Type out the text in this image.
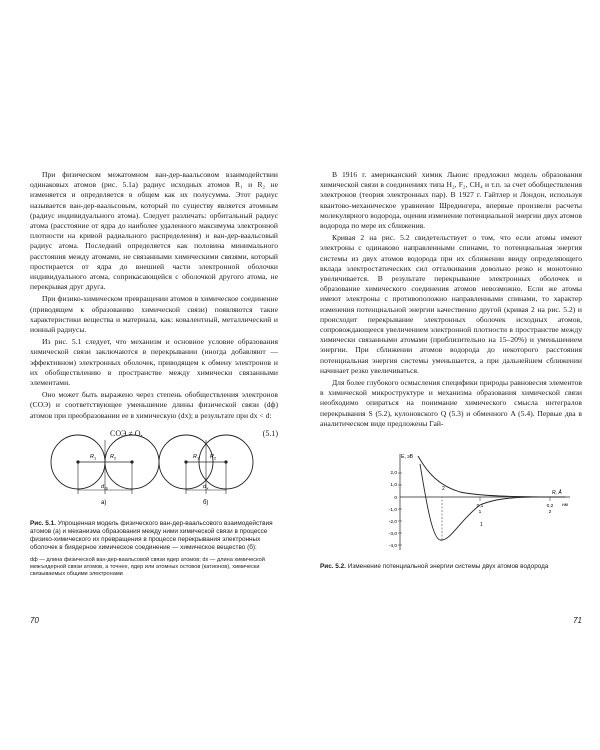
При физическом межатомном ван-дер-ваальсовом взаимодействии одинаковых атомов (рис. 5.1а) радиус исходных атомов R₁ и R₂ не изменяется и определяется в общем как их полусумма. Этот радиус называется ван-дер-ваальсовым, который по существу является атомным (радиус индивидуального атома). Следует различать: орбитальный радиус атома (расстояние от ядра до наиболее удаленного максимума электронной плотности на кривой радиального распределения) и ван-дер-ваальсовый радиус атома. Последний определяется как половина минимального расстояния между атомами, не связанными химическими связями, который простирается от ядра до внешней части электронной оболочки индивидуального атома, соприкасающейся с оболочкой другого атома, не перекрывая друг друга.

При физико-химическом превращении атомов в химическое соединение (приводящем к образованию химической связи) появляются такие характеристики вещества и материала, как: ковалентный, металлический и ионный радиусы.

Из рис. 5.1 следует, что механизм и основное условие образования химической связи заключаются в перекрывании (иногда добавляют — эффективном) электронных оболочек, приводящем к обмену электронов и их обобществлению в пространстве между химически связанными элементами.

Оно может быть выражено через степень обобществления электронов (СОЭ) и соответствующее уменьшение длины физической связи (dф) атомов при преобразовании ее в химическую (dx); в результате при dx < d:

СОЭ ≠ О.	(5.1)
R 1	R 2
d ф
а)
R 1 R 2
d x
б)
Рис. 5.1. Упрощенная модель физического ван-дер-ваальсового взаимодействия атомов (а) и механизма образования между ними химической связи в процессе физико-химического их превращения в процессе перекрывания электронных оболочек в биядерное химическое соединение — химическое вещество (б):
dф — длина физической ван-дер-ваальсовой связи ядер атомов; dx — длина химической межъядерной связи атомов, а точнее, ядер или атомных остовов (катионов), химически связываемых общими электронами
70

В 1916 г. американский химик Льюис предложил модель образования химической связи в соединениях типа H₂, F₂, CH₄ и т.п. за счет обобществления электронов (теория электронных пар). В 1927 г. Гайтлер и Лондон, используя квантово-механическое уравнение Шредингера, впервые произвели расчеты молекулярного водорода, оценив изменение потенциальной энергии двух атомов водорода по мере их сближения.

Кривая 2 на рис. 5.2 свидетельствует о том, что если атомы имеют электроны с одинаково направленными спинами, то потенциальная энергия системы из двух атомов водорода при их сближении ввиду определяющего вклада электростатических сил отталкивания довольно резко и монотонно увеличивается. В результате перекрывание электронных оболочек и образование химического соединения атомов невозможно. Если же атомы имеют электроны с противоположно направленными спинами, то характер изменения потенциальной энергии качественно другой (кривая 2 на рис. 5.2) и происходит перекрывание электронных оболочек исходных атомов, сопровождающееся увеличением электронной плотности в пространстве между химически связанными атомами (приблизительно на 15–20%) и уменьшением энергии. При сближении атомов водорода до некоторого расстояния потенциальная энергия системы уменьшается, а при дальнейшем сближении начинает резко увеличиваться.

Для более глубокого осмысления специфики природы равновесия элементов в химической микроструктуре и механизма образования химической связи необходимо опираться на понимание химического смысла интегралов перекрывания S (5.2), кулоновского Q (5.3) и обменного A (5.4). Первые два в аналитическом виде предложены Гай-

2,0
1,0
0
-1,0
-2,0
-3,0
-4,0
E, эВ
R, Å
нм
0,1	0,2
1	2
2
1
Рис. 5.2. Изменение потенциальной энергии системы двух атомов водорода
71
